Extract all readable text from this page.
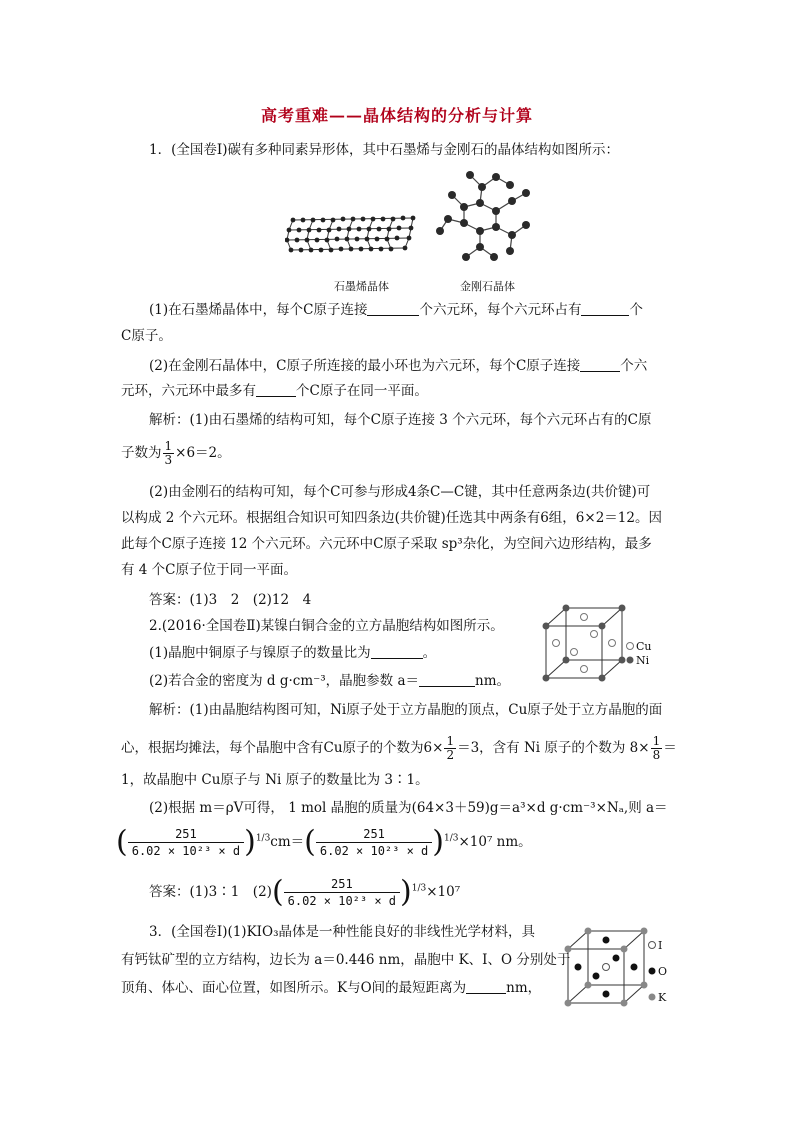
高考重难——晶体结构的分析与计算
1．(全国卷Ⅰ)碳有多种同素异形体，其中石墨烯与金刚石的晶体结构如图所示：
石墨烯晶体	金刚石晶体
(1)在石墨烯晶体中，每个C原子连接	个六元环，每个六元环占有	个
C原子。
(2)在金刚石晶体中，C原子所连接的最小环也为六元环，每个C原子连接	个六
元环，六元环中最多有	个C原子在同一平面。
解析：(1)由石墨烯的结构可知，每个C原子连接 3 个六元环，每个六元环占有的C原
子数为 $\frac{1}{3} \times 6=2$。
(2)由金刚石的结构可知，每个C可参与形成4条C—C键，其中任意两条边(共价键)可
以构成 2 个六元环。根据组合知识可知四条边(共价键)任选其中两条有6组，6×2＝12。因
此每个C原子连接 12 个六元环。六元环中C原子采取 sp³杂化，为空间六边形结构，最多
有 4 个C原子位于同一平面。
答案：(1)3　2　(2)12　4
2.(2016·全国卷Ⅱ)某镍白铜合金的立方晶胞结构如图所示。
(1)晶胞中铜原子与镍原子的数量比为	。
(2)若合金的密度为 d g·cm⁻³，晶胞参数 a＝	nm。
Cu
Ni
解析：(1)由晶胞结构图可知，Ni原子处于立方晶胞的顶点，Cu原子处于立方晶胞的面
心，根据均摊法，每个晶胞中含有Cu原子的个数为$6\times \frac{1}{2} =3$，含有 Ni 原子的个数为 $8\times \frac{1}{8}$ ＝
1，故晶胞中 Cu原子与 Ni 原子的数量比为 3∶1。
(2)根据 m＝ρV可得， 1 mol 晶胞的质量为(64×3＋59)g＝a³×d g·cm⁻³×Nₐ,则 a＝
( $\frac{251}{\text{6.02 × 10²³ × d}} )^{1/3}cm=( \frac{251}{\text{6.02 × 10²³ × d}} )^{1/3}\times 10^7$ nm。
答案：(1)3∶1　$(2)( \frac{251}{\text{6.02 × 10²³ × d}} )^{1/3}\times 10^7$
3．(全国卷Ⅰ)(1)KIO₃晶体是一种性能良好的非线性光学材料，具
有钙钛矿型的立方结构，边长为 a＝0.446 nm，晶胞中 K、I、O 分别处于
顶角、体心、面心位置，如图所示。K与O间的最短距离为	nm，
I
O
K
